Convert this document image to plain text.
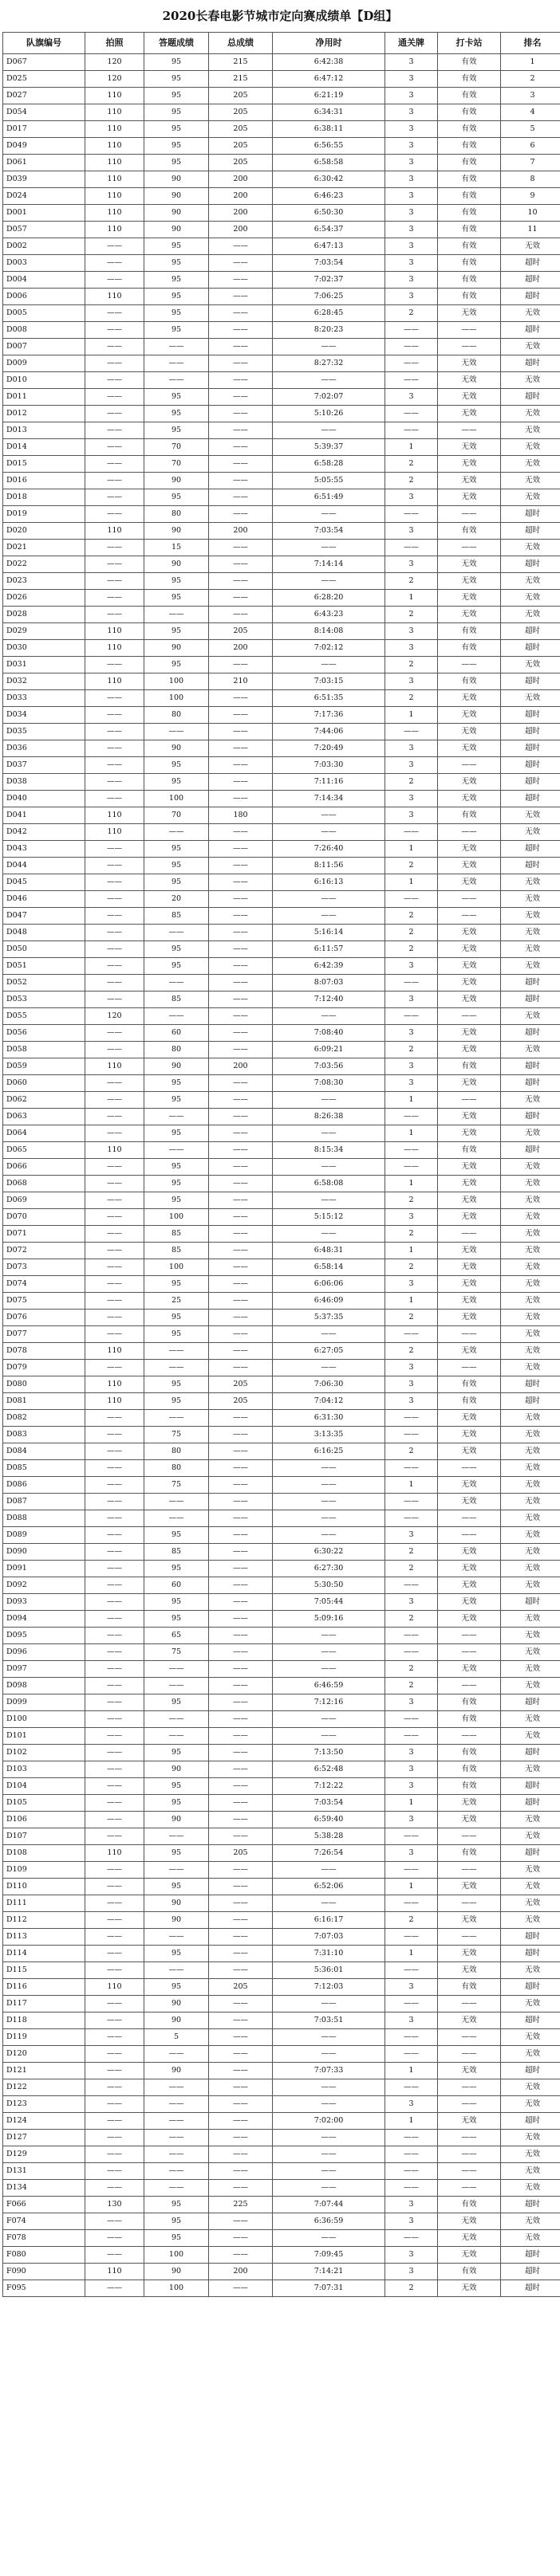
2020长春电影节城市定向赛成绩单【D组】
队旗编号	拍照	答题成绩	总成绩	净用时	通关牌	打卡站	排名
D067	120	95	215	6:42:38	3	有效	1
D025	120	95	215	6:47:12	3	有效	2
D027	110	95	205	6:21:19	3	有效	3
D054	110	95	205	6:34:31	3	有效	4
D017	110	95	205	6:38:11	3	有效	5
D049	110	95	205	6:56:55	3	有效	6
D061	110	95	205	6:58:58	3	有效	7
D039	110	90	200	6:30:42	3	有效	8
D024	110	90	200	6:46:23	3	有效	9
D001	110	90	200	6:50:30	3	有效	10
D057	110	90	200	6:54:37	3	有效	11
D002	——	95	——	6:47:13	3	有效	无效
D003	——	95	——	7:03:54	3	有效	超时
D004	——	95	——	7:02:37	3	有效	超时
D006	110	95	——	7:06:25	3	有效	超时
D005	——	95	——	6:28:45	2	无效	无效
D008	——	95	——	8:20:23	——	——	超时
D007	——	——	——	——	——	——	无效
D009	——	——	——	8:27:32	——	无效	超时
D010	——	——	——	——	——	无效	无效
D011	——	95	——	7:02:07	3	无效	超时
D012	——	95	——	5:10:26	——	无效	无效
D013	——	95	——	——	——	——	无效
D014	——	70	——	5:39:37	1	无效	无效
D015	——	70	——	6:58:28	2	无效	无效
D016	——	90	——	5:05:55	2	无效	无效
D018	——	95	——	6:51:49	3	无效	无效
D019	——	80	——	——	——	——	超时
D020	110	90	200	7:03:54	3	有效	超时
D021	——	15	——	——	——	——	无效
D022	——	90	——	7:14:14	3	无效	超时
D023	——	95	——	——	2	无效	无效
D026	——	95	——	6:28:20	1	无效	无效
D028	——	——	——	6:43:23	2	无效	无效
D029	110	95	205	8:14:08	3	有效	超时
D030	110	90	200	7:02:12	3	有效	超时
D031	——	95	——	——	2	——	无效
D032	110	100	210	7:03:15	3	有效	超时
D033	——	100	——	6:51:35	2	无效	无效
D034	——	80	——	7:17:36	1	无效	超时
D035	——	——	——	7:44:06	——	无效	超时
D036	——	90	——	7:20:49	3	无效	超时
D037	——	95	——	7:03:30	3	——	超时
D038	——	95	——	7:11:16	2	无效	超时
D040	——	100	——	7:14:34	3	无效	超时
D041	110	70	180	——	3	有效	无效
D042	110	——	——	——	——	——	无效
D043	——	95	——	7:26:40	1	无效	超时
D044	——	95	——	8:11:56	2	无效	超时
D045	——	95	——	6:16:13	1	无效	无效
D046	——	20	——	——	——	——	无效
D047	——	85	——	——	2	——	无效
D048	——	——	——	5:16:14	2	无效	无效
D050	——	95	——	6:11:57	2	无效	无效
D051	——	95	——	6:42:39	3	无效	无效
D052	——	——	——	8:07:03	——	无效	超时
D053	——	85	——	7:12:40	3	无效	超时
D055	120	——	——	——	——	——	无效
D056	——	60	——	7:08:40	3	无效	超时
D058	——	80	——	6:09:21	2	无效	无效
D059	110	90	200	7:03:56	3	有效	超时
D060	——	95	——	7:08:30	3	无效	超时
D062	——	95	——	——	1	——	无效
D063	——	——	——	8:26:38	——	无效	超时
D064	——	95	——	——	1	无效	无效
D065	110	——	——	8:15:34	——	有效	超时
D066	——	95	——	——	——	无效	无效
D068	——	95	——	6:58:08	1	无效	无效
D069	——	95	——	——	2	无效	无效
D070	——	100	——	5:15:12	3	无效	无效
D071	——	85	——	——	2	——	无效
D072	——	85	——	6:48:31	1	无效	无效
D073	——	100	——	6:58:14	2	无效	无效
D074	——	95	——	6:06:06	3	无效	无效
D075	——	25	——	6:46:09	1	无效	无效
D076	——	95	——	5:37:35	2	无效	无效
D077	——	95	——	——	——	——	无效
D078	110	——	——	6:27:05	2	无效	无效
D079	——	——	——	——	3	——	无效
D080	110	95	205	7:06:30	3	有效	超时
D081	110	95	205	7:04:12	3	有效	超时
D082	——	——	——	6:31:30	——	无效	无效
D083	——	75	——	3:13:35	——	无效	无效
D084	——	80	——	6:16:25	2	无效	无效
D085	——	80	——	——	——	——	无效
D086	——	75	——	——	1	无效	无效
D087	——	——	——	——	——	无效	无效
D088	——	——	——	——	——	——	无效
D089	——	95	——	——	3	——	无效
D090	——	85	——	6:30:22	2	无效	无效
D091	——	95	——	6:27:30	2	无效	无效
D092	——	60	——	5:30:50	——	无效	无效
D093	——	95	——	7:05:44	3	无效	超时
D094	——	95	——	5:09:16	2	无效	无效
D095	——	65	——	——	——	——	无效
D096	——	75	——	——	——	——	无效
D097	——	——	——	——	2	无效	无效
D098	——	——	——	6:46:59	2	——	无效
D099	——	95	——	7:12:16	3	有效	超时
D100	——	——	——	——	——	有效	无效
D101	——	——	——	——	——	——	无效
D102	——	95	——	7:13:50	3	有效	超时
D103	——	90	——	6:52:48	3	有效	无效
D104	——	95	——	7:12:22	3	有效	超时
D105	——	95	——	7:03:54	1	无效	超时
D106	——	90	——	6:59:40	3	无效	无效
D107	——	——	——	5:38:28	——	——	无效
D108	110	95	205	7:26:54	3	有效	超时
D109	——	——	——	——	——	——	无效
D110	——	95	——	6:52:06	1	无效	无效
D111	——	90	——	——	——	——	无效
D112	——	90	——	6:16:17	2	无效	无效
D113	——	——	——	7:07:03	——	——	超时
D114	——	95	——	7:31:10	1	无效	超时
D115	——	——	——	5:36:01	——	无效	无效
D116	110	95	205	7:12:03	3	有效	超时
D117	——	90	——	——	——	——	无效
D118	——	90	——	7:03:51	3	无效	超时
D119	——	5	——	——	——	——	无效
D120	——	——	——	——	——	——	无效
D121	——	90	——	7:07:33	1	无效	超时
D122	——	——	——	——	——	——	无效
D123	——	——	——	——	3	——	无效
D124	——	——	——	7:02:00	1	无效	超时
D127	——	——	——	——	——	——	无效
D129	——	——	——	——	——	——	无效
D131	——	——	——	——	——	——	无效
D134	——	——	——	——	——	——	无效
F066	130	95	225	7:07:44	3	有效	超时
F074	——	95	——	6:36:59	3	无效	无效
F078	——	95	——	——	——	无效	无效
F080	——	100	——	7:09:45	3	无效	超时
F090	110	90	200	7:14:21	3	有效	超时
F095	——	100	——	7:07:31	2	无效	超时
